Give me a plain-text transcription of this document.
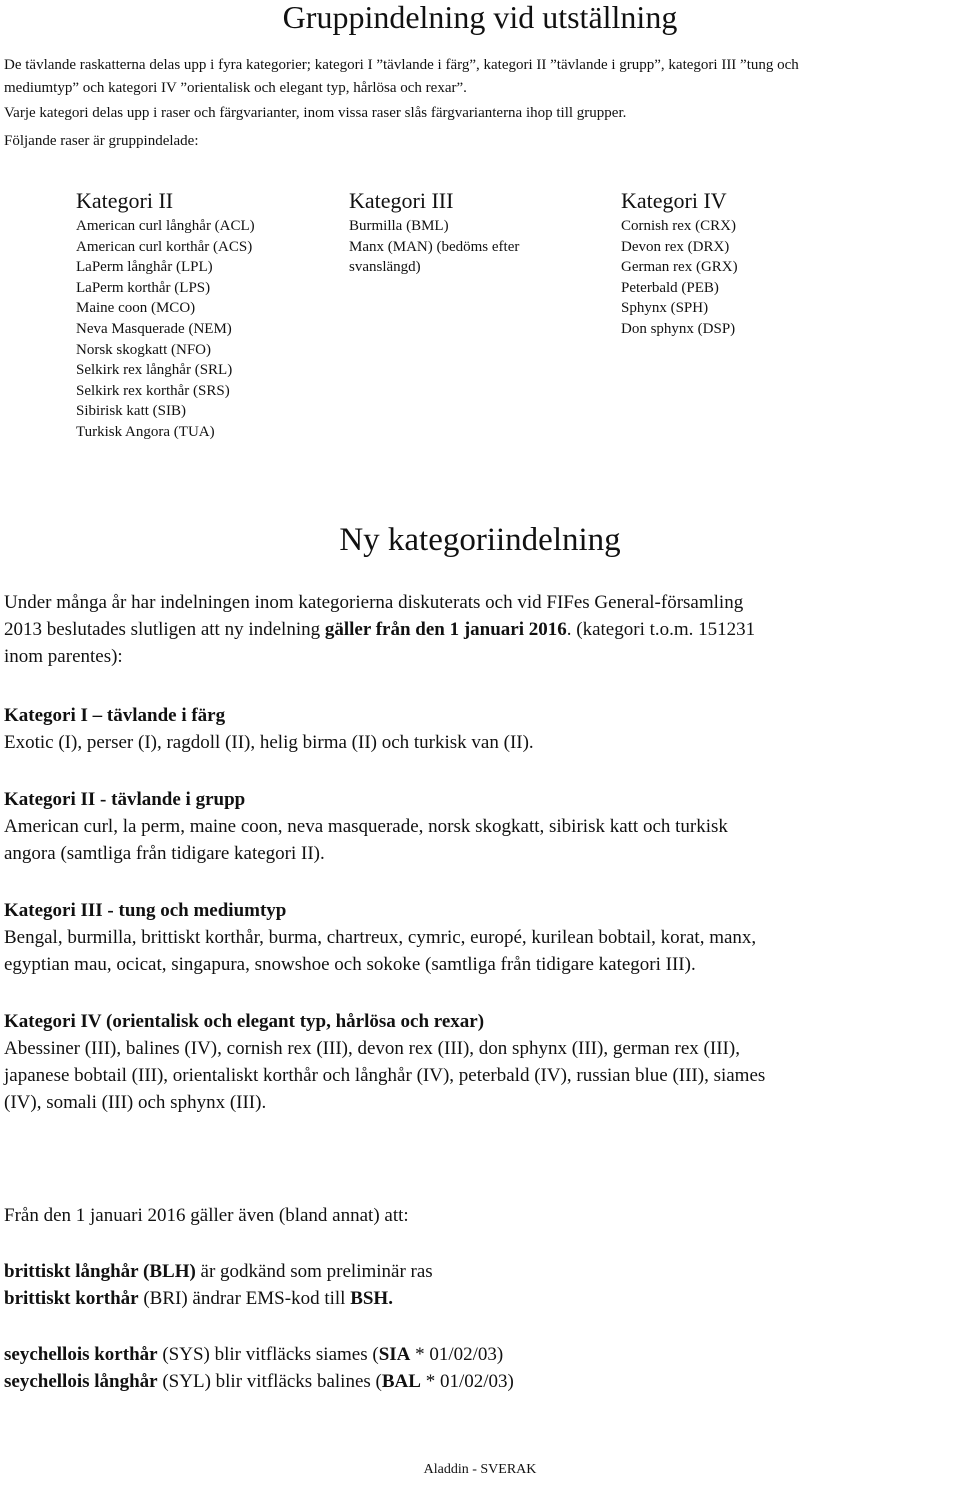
Gruppindelning vid utställning
De tävlande raskatterna delas upp i fyra kategorier; kategori I ”tävlande i färg”, kategori II ”tävlande i grupp”, kategori III ”tung och
mediumtyp” och kategori IV ”orientalisk och elegant typ, hårlösa och rexar”.
Varje kategori delas upp i raser och färgvarianter, inom vissa raser slås färgvarianterna ihop till grupper.
Följande raser är gruppindelade:
Kategori II
American curl långhår (ACL)
American curl korthår (ACS)
LaPerm långhår (LPL)
LaPerm korthår (LPS)
Maine coon (MCO)
Neva Masquerade (NEM)
Norsk skogkatt (NFO)
Selkirk rex långhår (SRL)
Selkirk rex korthår (SRS)
Sibirisk katt (SIB)
Turkisk Angora (TUA)
Kategori III
Burmilla (BML)
Manx (MAN) (bedöms efter
svanslängd)
Kategori IV
Cornish rex (CRX)
Devon rex (DRX)
German rex (GRX)
Peterbald (PEB)
Sphynx (SPH)
Don sphynx (DSP)
Ny kategoriindelning
Under många år har indelningen inom kategorierna diskuterats och vid FIFes General-församling
2013 beslutades slutligen att ny indelning gäller från den 1 januari 2016. (kategori t.o.m. 151231
inom parentes):
Kategori I – tävlande i färg
Exotic (I), perser (I), ragdoll (II), helig birma (II) och turkisk van (II).
Kategori II - tävlande i grupp
American curl, la perm, maine coon, neva masquerade, norsk skogkatt, sibirisk katt och turkisk
angora (samtliga från tidigare kategori II).
Kategori III - tung och mediumtyp
Bengal, burmilla, brittiskt korthår, burma, chartreux, cymric, europé, kurilean bobtail, korat, manx,
egyptian mau, ocicat, singapura, snowshoe och sokoke (samtliga från tidigare kategori III).
Kategori IV (orientalisk och elegant typ, hårlösa och rexar)
Abessiner (III), balines (IV), cornish rex (III), devon rex (III), don sphynx (III), german rex (III),
japanese bobtail (III), orientaliskt korthår och långhår (IV), peterbald (IV), russian blue (III), siames
(IV), somali (III) och sphynx (III).
Från den 1 januari 2016 gäller även (bland annat) att:
brittiskt långhår (BLH) är godkänd som preliminär ras
brittiskt korthår (BRI) ändrar EMS-kod till BSH.
seychellois korthår (SYS) blir vitfläcks siames (SIA * 01/02/03)
seychellois långhår (SYL) blir vitfläcks balines (BAL * 01/02/03)
Aladdin - SVERAK
